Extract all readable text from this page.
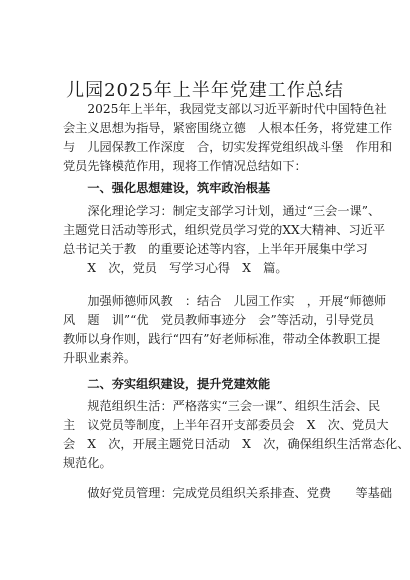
儿园2025年上半年党建工作总结
　　2025年上半年，我园党支部以习近平新时代中国特色社
会主义思想为指导，紧密围绕立德　人根本任务，将党建工作
与　儿园保教工作深度　合，切实发挥党组织战斗堡　作用和
党员先锋模范作用，现将工作情况总结如下：
　　一、强化思想建设，筑牢政治根基
　　深化理论学习：制定支部学习计划，通过“三会一课”、
主题党日活动等形式，组织党员学习党的XX大精神、习近平
总书记关于教　的重要论述等内容，上半年开展集中学习
　　X　次，党员　写学习心得　X　篇。
　　加强师德师风教　：结合　儿园工作实　，开展“师德师
风　题　训”“优　党员教师事迹分　会”等活动，引导党员
教师以身作则，践行“四有”好老师标准，带动全体教职工提
升职业素养。
　　二、夯实组织建设，提升党建效能
　　规范组织生活：严格落实“三会一课”、组织生活会、民
主　议党员等制度，上半年召开支部委员会　X　次、党员大
会　X　次，开展主题党日活动　X　次，确保组织生活常态化、
规范化。
　　做好党员管理：完成党员组织关系排查、党费　　等基础
